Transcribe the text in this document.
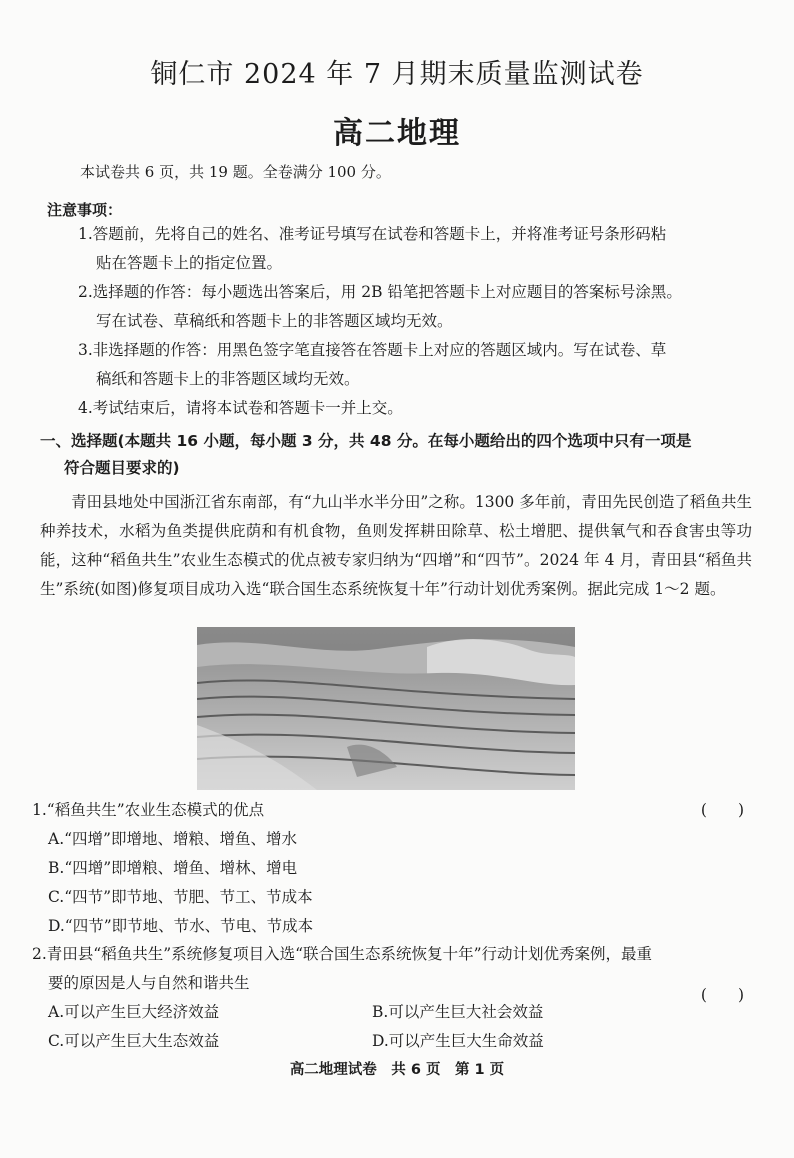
铜仁市 2024 年 7 月期末质量监测试卷
高二地理
本试卷共 6 页，共 19 题。全卷满分 100 分。
注意事项：
1.答题前，先将自己的姓名、准考证号填写在试卷和答题卡上，并将准考证号条形码粘
贴在答题卡上的指定位置。
2.选择题的作答：每小题选出答案后，用 2B 铅笔把答题卡上对应题目的答案标号涂黑。
写在试卷、草稿纸和答题卡上的非答题区域均无效。
3.非选择题的作答：用黑色签字笔直接答在答题卡上对应的答题区域内。写在试卷、草
稿纸和答题卡上的非答题区域均无效。
4.考试结束后，请将本试卷和答题卡一并上交。
一、选择题(本题共 16 小题，每小题 3 分，共 48 分。在每小题给出的四个选项中只有一项是
符合题目要求的)
青田县地处中国浙江省东南部，有“九山半水半分田”之称。1300 多年前，青田先民创造了稻鱼共生种养技术，水稻为鱼类提供庇荫和有机食物，鱼则发挥耕田除草、松土增肥、提供氧气和吞食害虫等功能，这种“稻鱼共生”农业生态模式的优点被专家归纳为“四增”和“四节”。2024 年 4 月，青田县“稻鱼共生”系统(如图)修复项目成功入选“联合国生态系统恢复十年”行动计划优秀案例。据此完成 1～2 题。
1.“稻鱼共生”农业生态模式的优点	(　　)
A.“四增”即增地、增粮、增鱼、增水
B.“四增”即增粮、增鱼、增林、增电
C.“四节”即节地、节肥、节工、节成本
D.“四节”即节地、节水、节电、节成本
2.青田县“稻鱼共生”系统修复项目入选“联合国生态系统恢复十年”行动计划优秀案例，最重
要的原因是人与自然和谐共生
(　　)
A.可以产生巨大经济效益	B.可以产生巨大社会效益
C.可以产生巨大生态效益	D.可以产生巨大生命效益
高二地理试卷　共 6 页　第 1 页
